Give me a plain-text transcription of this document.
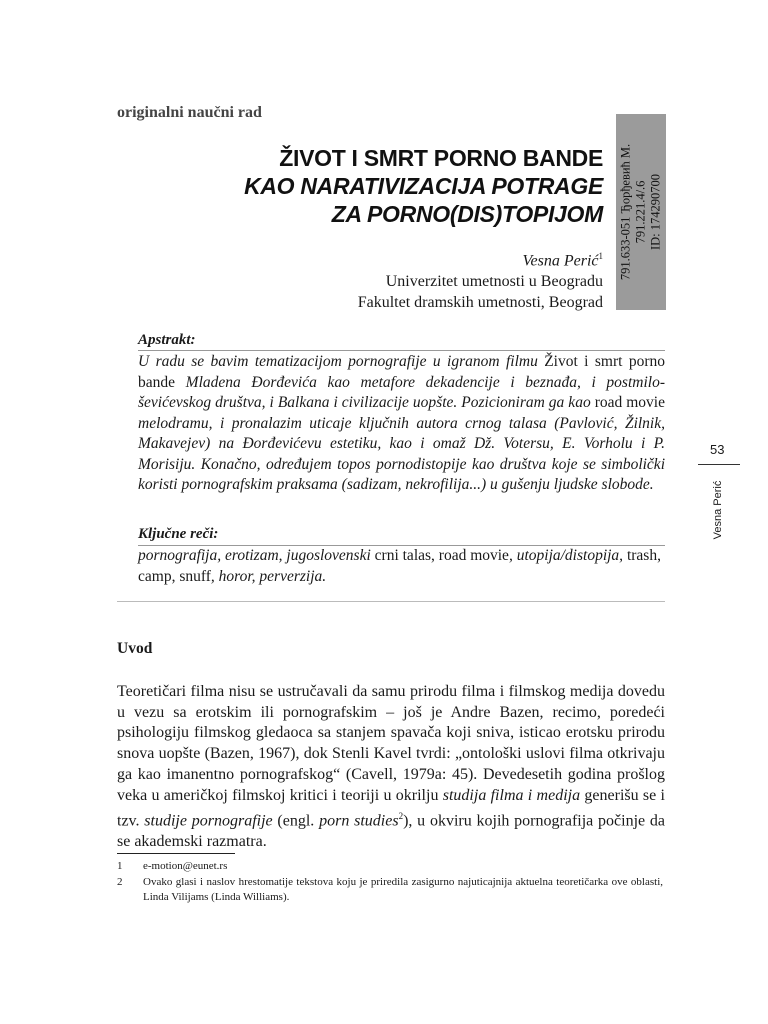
originalni naučni rad
ŽIVOT I SMRT PORNO BANDE
KAO NARATIVIZACIJA POTRAGE
ZA PORNO(DIS)TOPIJOM 791.633-051 Ђорђевић М. 791.221.4/.6 ID: 174290700
Vesna Perić$^1$
Univerzitet umetnosti u Beogradu
Fakultet dramskih umetnosti, Beograd
Apstrakt:
U radu se bavim tematizacijom pornografije u igranom filmu Život i smrt porno bande Mladena Đorđevića kao metafore dekadencije i beznađa, i postmiloševićevskog društva, i Balkana i civilizacije uopšte. Pozicioniram ga kao road movie melodramu, i pronalazim uticaje ključnih autora crnog talasa (Pavlović, Žilnik, Makavejev) na Đorđevićevu estetiku, kao i omaž Dž. Votersu, E. Vorholu i P. Morisiju. Konačno, određujem topos pornodistopije kao društva koje se simbolički koristi pornografskim praksama (sadizam, nekrofilija...) u gušenju ljudske slobode.
Ključne reči:
pornografija, erotizam, jugoslovenski crni talas, road movie, utopija/distopija, trash, camp, snuff, horor, perverzija.
Uvod
Teoretičari filma nisu se ustručavali da samu prirodu filma i filmskog medija dovedu u vezu sa erotskim ili pornografskim – još je Andre Bazen, recimo, poredeći psihologiju filmskog gledaoca sa stanjem spavača koji sniva, isticao erotsku prirodu snova uopšte (Bazen, 1967), dok Stenli Kavel tvrdi: „ontološki uslovi filma otkrivaju ga kao imanentno pornografskog“ (Cavell, 1979a: 45). Devedesetih godina prošlog veka u američkoj filmskoj kritici i teoriji u okrilju studija filma i medija generišu se i tzv. studije pornografije (engl. porn studies$^2$), u okviru kojih pornografija počinje da se akademski razmatra.
1 e-motion@eunet.rs
2 Ovako glasi i naslov hrestomatije tekstova koju je priredila zasigurno najuticajnija aktuelna teoretičarka ove oblasti, Linda Vilijams (Linda Williams).
53
Vesna Perić
